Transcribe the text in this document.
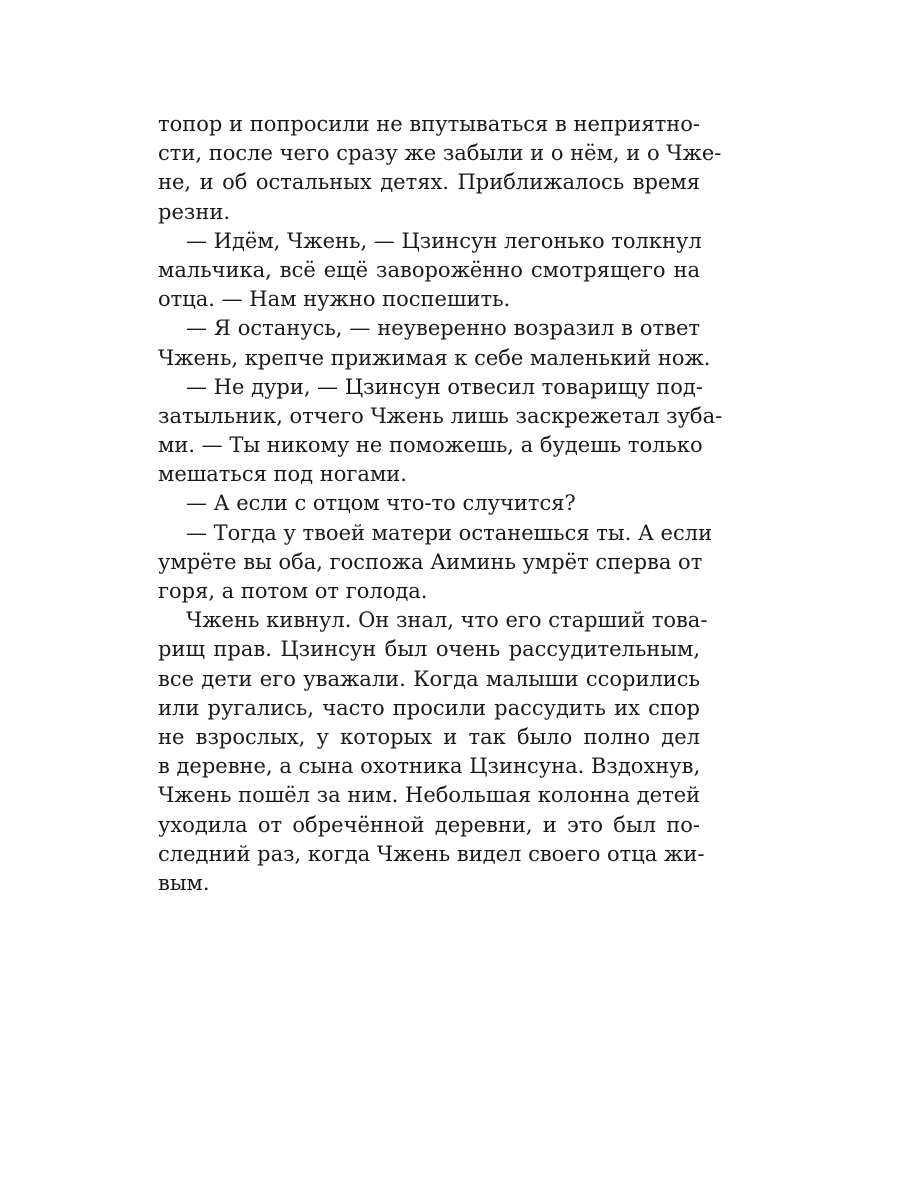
топор и попросили не впутываться в неприятно-
сти, после чего сразу же забыли и о нём, и о Чже-
не, и об остальных детях. Приближалось время
резни.
— Идём, Чжень, — Цзинсун легонько толкнул
мальчика, всё ещё заворожённо смотрящего на
отца. — Нам нужно поспешить.
— Я останусь, — неуверенно возразил в ответ
Чжень, крепче прижимая к себе маленький нож.
— Не дури, — Цзинсун отвесил товарищу под-
затыльник, отчего Чжень лишь заскрежетал зуба-
ми. — Ты никому не поможешь, а будешь только
мешаться под ногами.
— А если с отцом что-то случится?
— Тогда у твоей матери останешься ты. А если
умрёте вы оба, госпожа Аиминь умрёт сперва от
горя, а потом от голода.
Чжень кивнул. Он знал, что его старший това-
рищ прав. Цзинсун был очень рассудительным,
все дети его уважали. Когда малыши ссорились
или ругались, часто просили рассудить их спор
не взрослых, у которых и так было полно дел
в деревне, а сына охотника Цзинсуна. Вздохнув,
Чжень пошёл за ним. Небольшая колонна детей
уходила от обречённой деревни, и это был по-
следний раз, когда Чжень видел своего отца жи-
вым.
